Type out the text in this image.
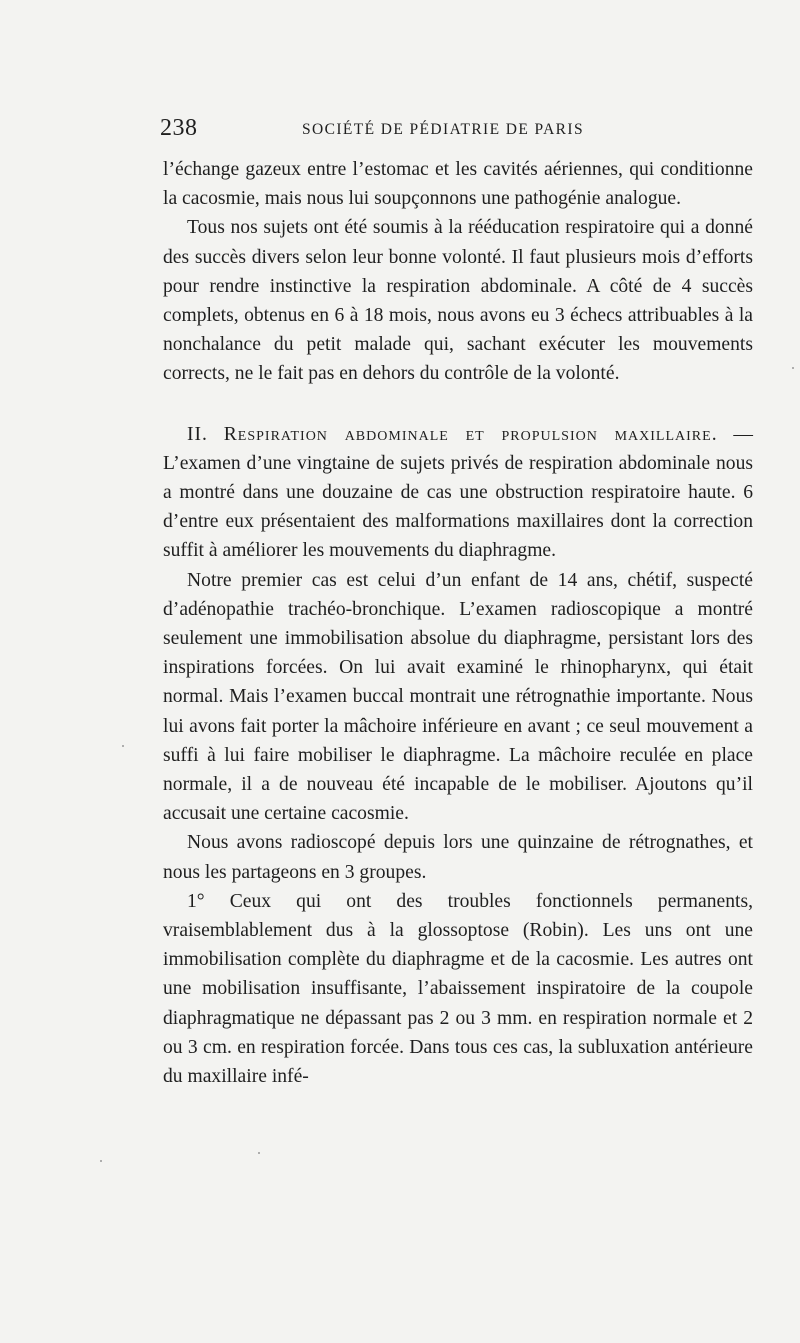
238	SOCIÉTÉ DE PÉDIATRIE DE PARIS

l’échange gazeux entre l’estomac et les cavités aériennes, qui conditionne la cacosmie, mais nous lui soupçonnons une pathogénie analogue.

Tous nos sujets ont été soumis à la rééducation respiratoire qui a donné des succès divers selon leur bonne volonté. Il faut plusieurs mois d’efforts pour rendre instinctive la respiration abdominale. A côté de 4 succès complets, obtenus en 6 à 18 mois, nous avons eu 3 échecs attribuables à la nonchalance du petit malade qui, sachant exécuter les mouvements corrects, ne le fait pas en dehors du contrôle de la volonté.

II. Respiration abdominale et propulsion maxillaire. — L’examen d’une vingtaine de sujets privés de respiration abdominale nous a montré dans une douzaine de cas une obstruction respiratoire haute. 6 d’entre eux présentaient des malformations maxillaires dont la correction suffit à améliorer les mouvements du diaphragme.

Notre premier cas est celui d’un enfant de 14 ans, chétif, suspecté d’adénopathie trachéo-bronchique. L’examen radioscopique a montré seulement une immobilisation absolue du diaphragme, persistant lors des inspirations forcées. On lui avait examiné le rhinopharynx, qui était normal. Mais l’examen buccal montrait une rétrognathie importante. Nous lui avons fait porter la mâchoire inférieure en avant ; ce seul mouvement a suffi à lui faire mobiliser le diaphragme. La mâchoire reculée en place normale, il a de nouveau été incapable de le mobiliser. Ajoutons qu’il accusait une certaine cacosmie.

Nous avons radioscopé depuis lors une quinzaine de rétrognathes, et nous les partageons en 3 groupes.

1° Ceux qui ont des troubles fonctionnels permanents, vraisemblablement dus à la glossoptose (Robin). Les uns ont une immobilisation complète du diaphragme et de la cacosmie. Les autres ont une mobilisation insuffisante, l’abaissement inspiratoire de la coupole diaphragmatique ne dépassant pas 2 ou 3 mm. en respiration normale et 2 ou 3 cm. en respiration forcée. Dans tous ces cas, la subluxation antérieure du maxillaire infé-
